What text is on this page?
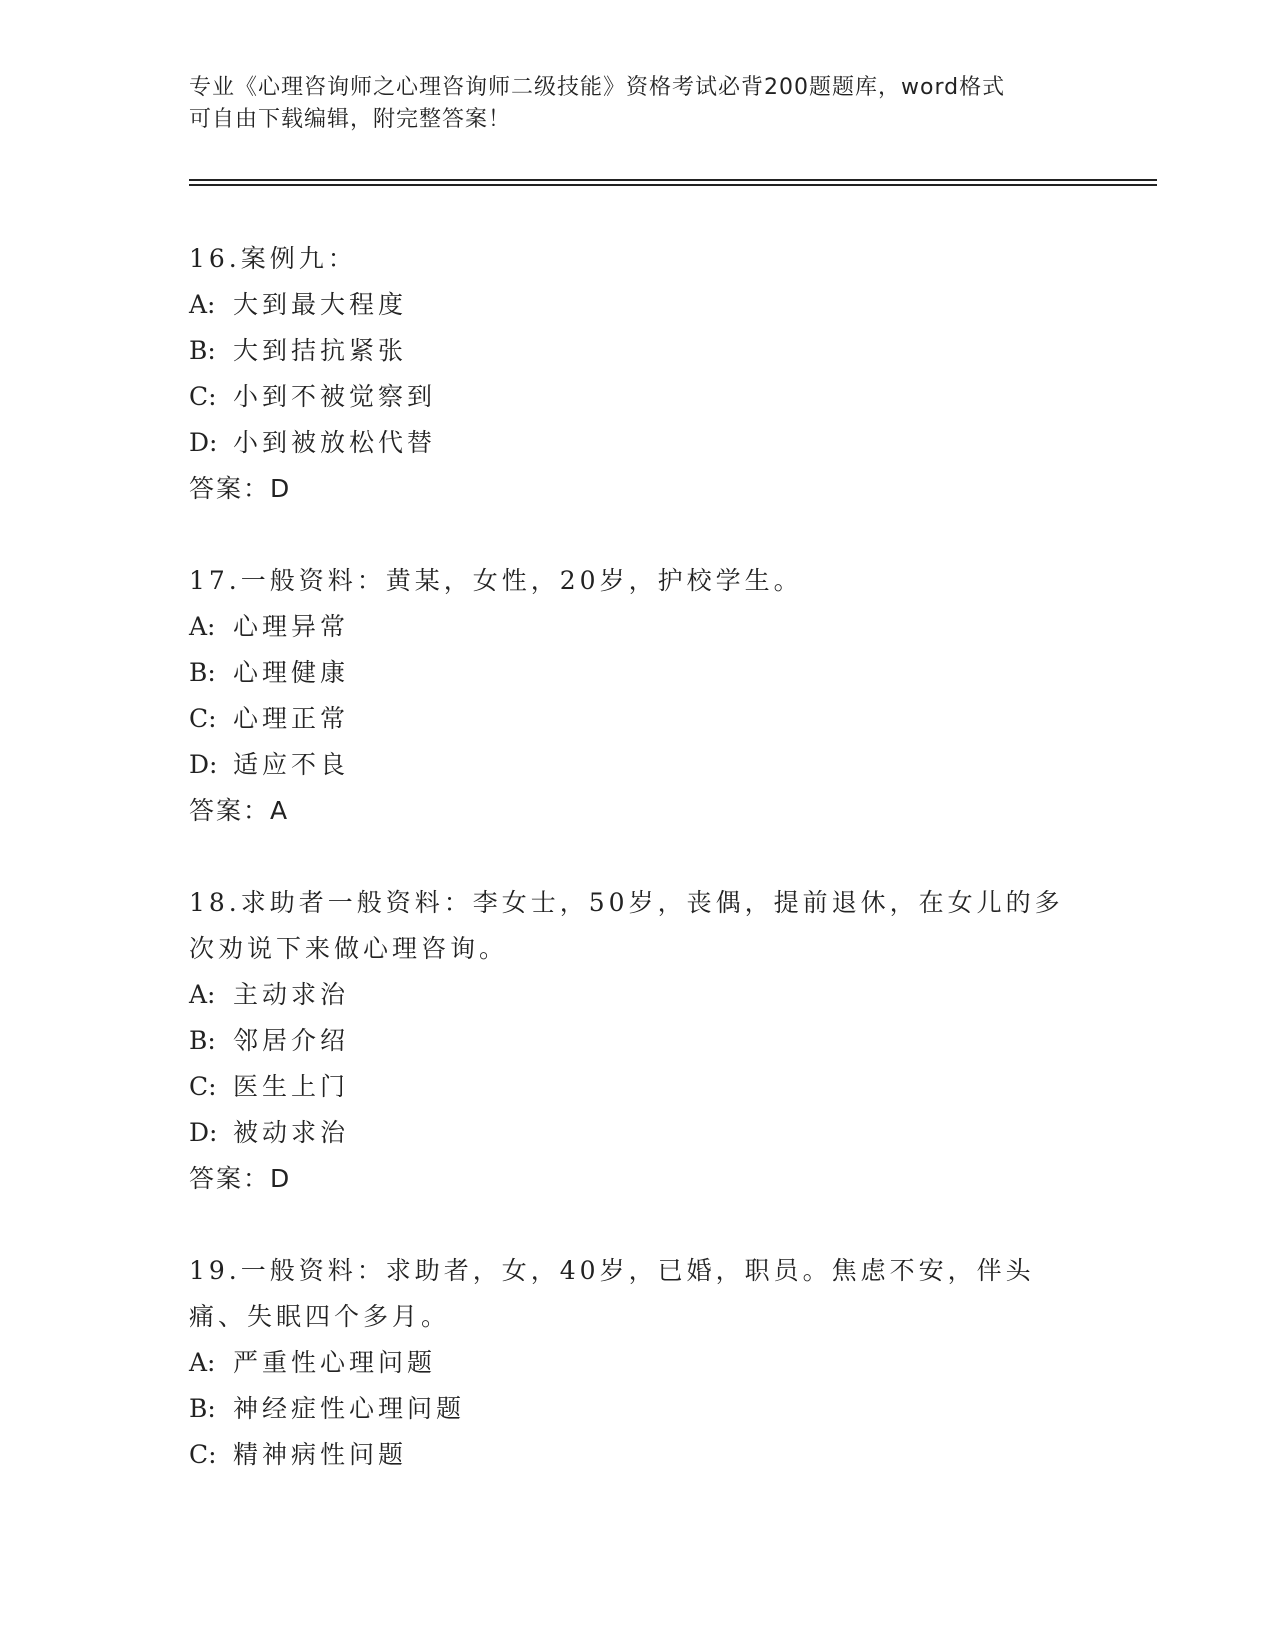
专业《心理咨询师之心理咨询师二级技能》资格考试必背200题题库，word格式
可自由下载编辑，附完整答案！
16.案例九：
A: 大到最大程度
B: 大到拮抗紧张
C: 小到不被觉察到
D: 小到被放松代替
答案：D
17.一般资料：黄某，女性，20岁，护校学生。
A: 心理异常
B: 心理健康
C: 心理正常
D: 适应不良
答案：A
18.求助者一般资料：李女士，50岁，丧偶，提前退休，在女儿的多次劝说下来做心理咨询。
A: 主动求治
B: 邻居介绍
C: 医生上门
D: 被动求治
答案：D
19.一般资料：求助者，女，40岁，已婚，职员。焦虑不安，伴头痛、失眠四个多月。
A: 严重性心理问题
B: 神经症性心理问题
C: 精神病性问题
